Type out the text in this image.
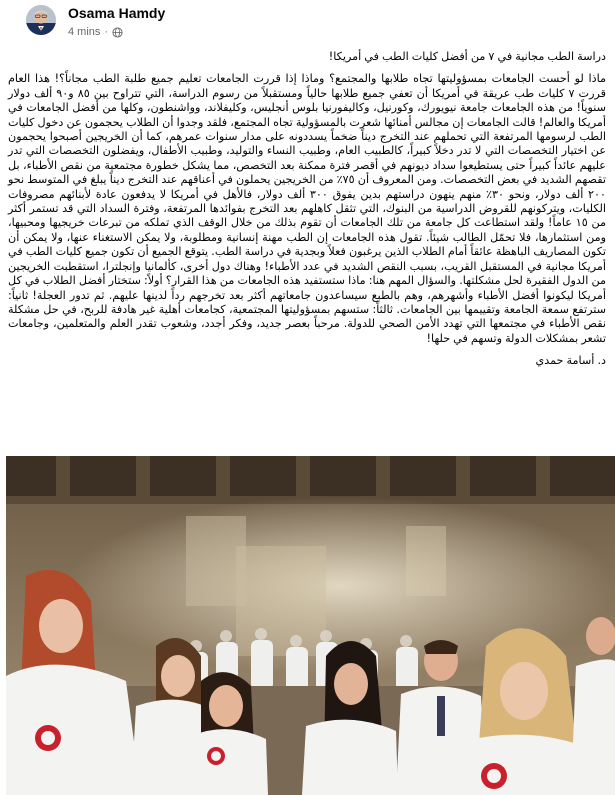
Osama Hamdy
4 mins ·

دراسة الطب مجانية في ٧ من أفضل كليات الطب في أمريكا!

ماذا لو أحست الجامعات بمسؤوليتها تجاه طلابها والمجتمع؟ وماذا إذا قررت الجامعات تعليم جميع طلبة الطب مجاناً؟! هذا العام قررت ٧ كليات طب عريقة في أمريكا أن تعفي جميع طلابها حالياً ومستقبلاً من رسوم الدراسة، التي تتراوح بين ٨٥ و٩٠ ألف دولار سنوياً! من هذه الجامعات جامعة نيويورك، وكورنيل، وكاليفورنيا بلوس أنجليس، وكليفلاند، وواشنطون، وكلها من أفضل الجامعات في أمريكا والعالم! قالت الجامعات إن مجالس أمنائها شعرت بالمسؤولية تجاه المجتمع، فلقد وجدوا أن الطلاب يحجمون عن دخول كليات الطب لرسومها المرتفعة التي تحملهم عند التخرج ديناً ضخماً يسددونه على مدار سنوات عمرهم، كما أن الخريجين أصبحوا يحجمون عن اختيار التخصصات التي لا تدر دخلاً كبيراً، كالطبيب العام، وطبيب النساء والتوليد، وطبيب الأطفال، ويفضلون التخصصات التي تدر عليهم عائداً كبيراً حتى يستطيعوا سداد ديونهم في أقصر فترة ممكنة بعد التخصص، مما يشكل خطورة مجتمعية من نقص الأطباء، بل تقصهم الشديد في بعض التخصصات. ومن المعروف أن ٧٥٪ من الخريجين يحملون في أعناقهم عند التخرج ديناً يبلغ في المتوسط نحو ٢٠٠ ألف دولار، ونحو ٣٠٪ منهم ينهون دراستهم بدين يفوق ٣٠٠ ألف دولار، فالأهل في أمريكا لا يدفعون عادة لأبنائهم مصروفات الكليات، ويتركونهم للقروض الدراسية من البنوك، التي تثقل كاهلهم بعد التخرج بفوائدها المرتفعة، وفترة السداد التي قد تستمر أكثر من ١٥ عاماً! ولقد استطاعت كل جامعة من تلك الجامعات أن تقوم بذلك من خلال الوقف الذي تملكه من تبرعات خريجيها ومحبيها، ومن استثمارها، فلا تحمّل الطالب شيئاً. تقول هذه الجامعات إن الطب مهنة إنسانية ومطلوبة، ولا يمكن الاستغناء عنها، ولا يمكن أن تكون المصاريف الباهظة عائقاً أمام الطلاب الذين يرغبون فعلاً وبجدية في دراسة الطب. يتوقع الجميع أن تكون جميع كليات الطب في أمريكا مجانية في المستقبل القريب، بسبب النقص الشديد في عدد الأطباء! وهناك دول أخرى، كألمانيا وإنجلترا، استقطبت الخريجين من الدول الفقيرة لحل مشكلتها. والسؤال المهم هنا: ماذا ستستفيد هذه الجامعات من هذا القرار؟ أولاً: ستختار أفضل الطلاب في كل أمريكا ليكونوا أفضل الأطباء وأشهرهم، وهم بالطبع سيساعدون جامعاتهم أكثر بعد تخرجهم رداً لدينها عليهم. ثم تدور العجلة! ثانياً: سترتفع سمعة الجامعة وتقييمها بين الجامعات. ثالثاً: ستسهم بمسؤوليتها المجتمعية، كجامعات أهلية غير هادفة للربح، في حل مشكلة نقص الأطباء في مجتمعها التي تهدد الأمن الصحي للدولة. مرحباً بعصر جديد، وفكر أجدد، وشعوب تقدر العلم والمتعلمين، وجامعات تشعر بمشكلات الدولة وتسهم في حلها!

د. أسامة حمدي
